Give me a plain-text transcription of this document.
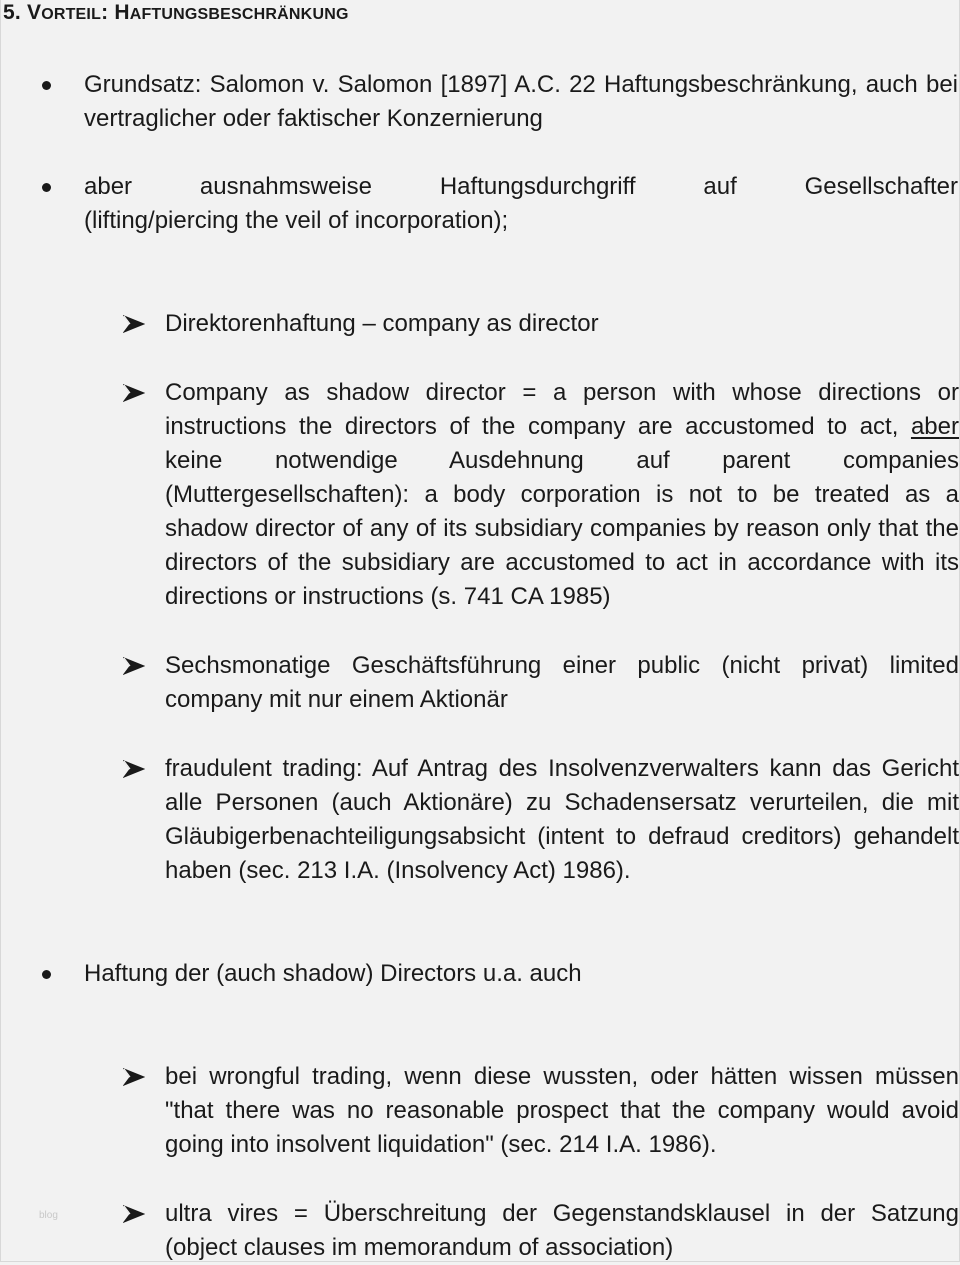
5. VORTEIL: HAFTUNGSBESCHRÄNKUNG
Grundsatz: Salomon v. Salomon [1897] A.C. 22 Haftungsbeschränkung, auch bei vertraglicher oder faktischer Konzernierung
aber ausnahmsweise Haftungsdurchgriff auf Gesellschafter
(lifting/piercing the veil of incorporation);
Direktorenhaftung – company as director
Company as shadow director = a person with whose directions or instructions the directors of the company are accustomed to act, aber keine notwendige Ausdehnung auf parent companies (Muttergesellschaften): a body corporation is not to be treated as a shadow director of any of its subsidiary companies by reason only that the directors of the subsidiary are accustomed to act in accordance with its directions or instructions (s. 741 CA 1985)
Sechsmonatige Geschäftsführung einer public (nicht privat) limited company mit nur einem Aktionär
fraudulent trading: Auf Antrag des Insolvenzverwalters kann das Gericht alle Personen (auch Aktionäre) zu Schadensersatz verurteilen, die mit Gläubigerbenachteiligungsabsicht (intent to defraud creditors) gehandelt haben (sec. 213 I.A. (Insolvency Act) 1986).
Haftung der (auch shadow) Directors u.a. auch
bei wrongful trading, wenn diese wussten, oder hätten wissen müssen "that there was no reasonable prospect that the company would avoid going into insolvent liquidation" (sec. 214 I.A. 1986).
ultra vires = Überschreitung der Gegenstandsklausel in der Satzung (object clauses im memorandum of association)
blog
